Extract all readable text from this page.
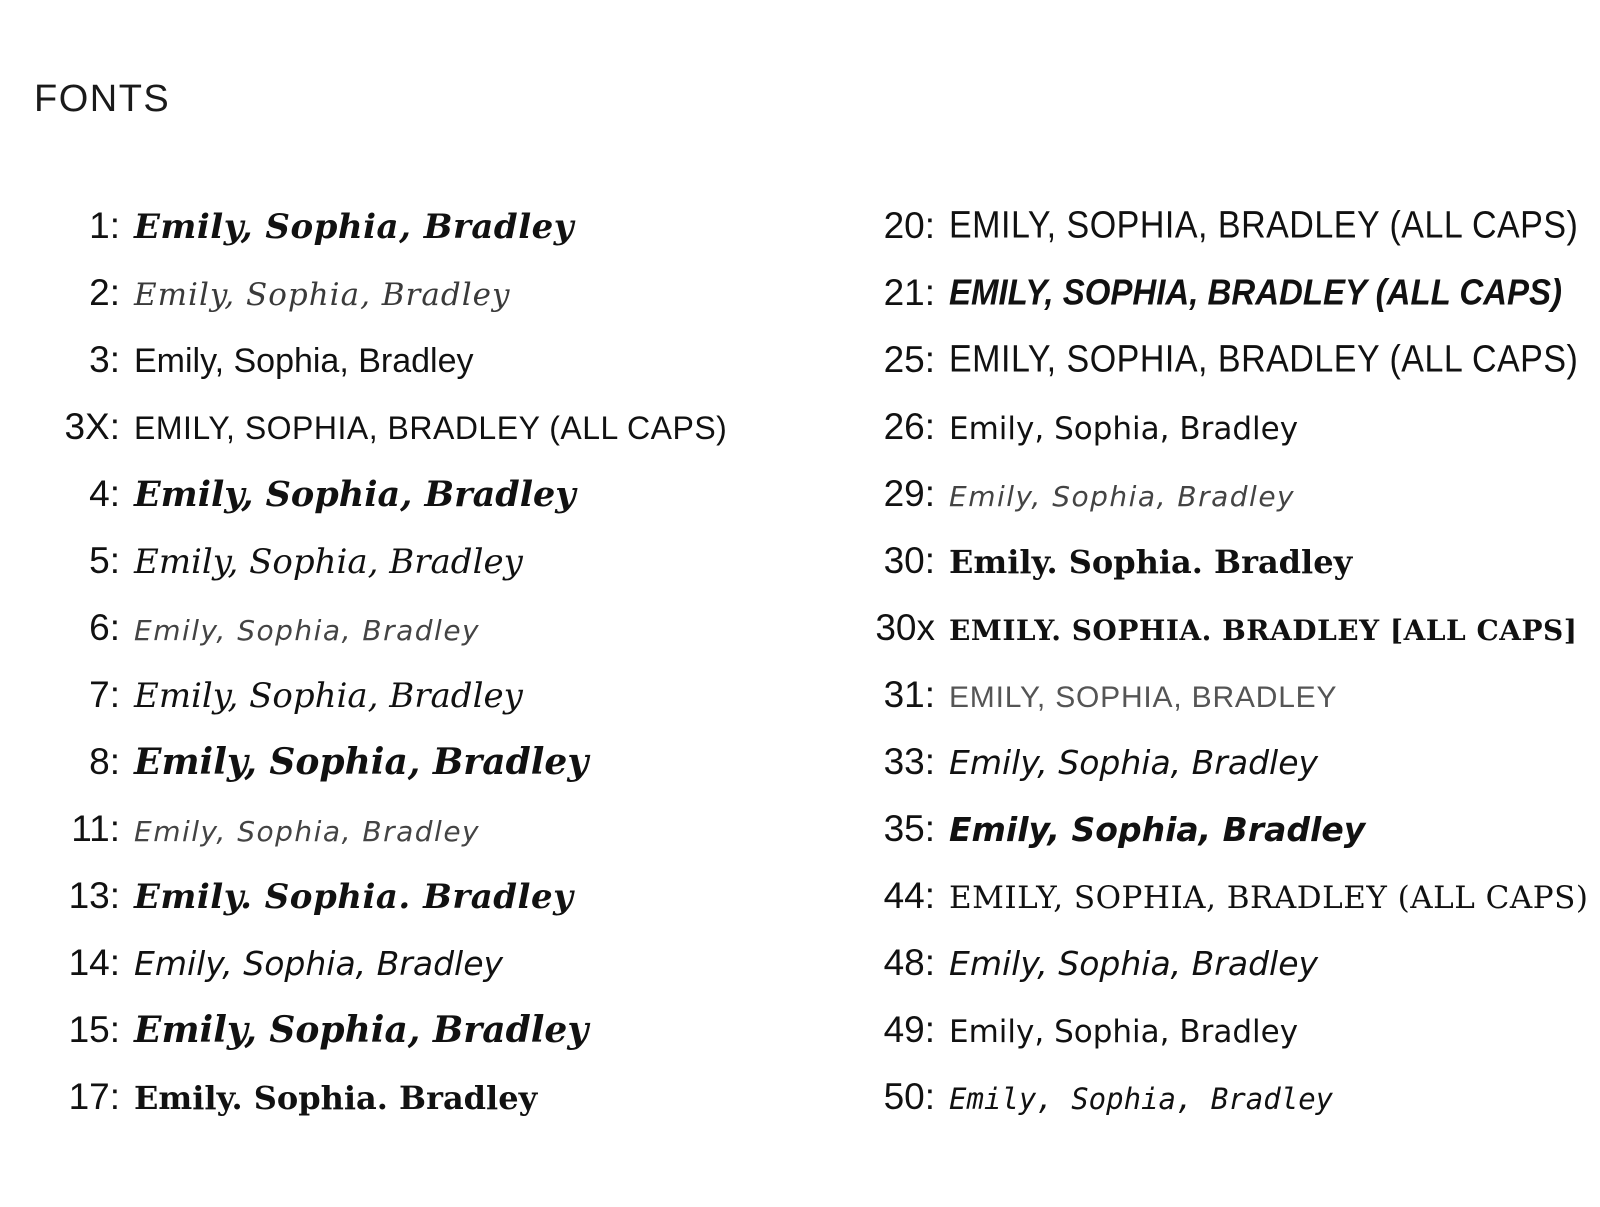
FONTS
1: Emily, Sophia, Bradley
2: Emily, Sophia, Bradley
3: Emily, Sophia, Bradley
3X: EMILY, SOPHIA, BRADLEY (ALL CAPS)
4: Emily, Sophia, Bradley
5: Emily, Sophia, Bradley
6: Emily, Sophia, Bradley
7: Emily, Sophia, Bradley
8: Emily, Sophia, Bradley
11: Emily, Sophia, Bradley
13: Emily. Sophia. Bradley
14: Emily, Sophia, Bradley
15: Emily, Sophia, Bradley
17: Emily. Sophia. Bradley
20: EMILY, SOPHIA, BRADLEY (ALL CAPS)
21: EMILY, SOPHIA, BRADLEY (ALL CAPS)
25: EMILY, SOPHIA, BRADLEY (ALL CAPS)
26: Emily, Sophia, Bradley
29: Emily, Sophia, Bradley
30: Emily. Sophia. Bradley
30x EMILY. SOPHIA. BRADLEY [ALL CAPS]
31: EMILY, SOPHIA, BRADLEY
33: Emily, Sophia, Bradley
35: Emily, Sophia, Bradley
44: EMILY, SOPHIA, BRADLEY (ALL CAPS)
48: Emily, Sophia, Bradley
49: Emily, Sophia, Bradley
50: Emily, Sophia, Bradley
